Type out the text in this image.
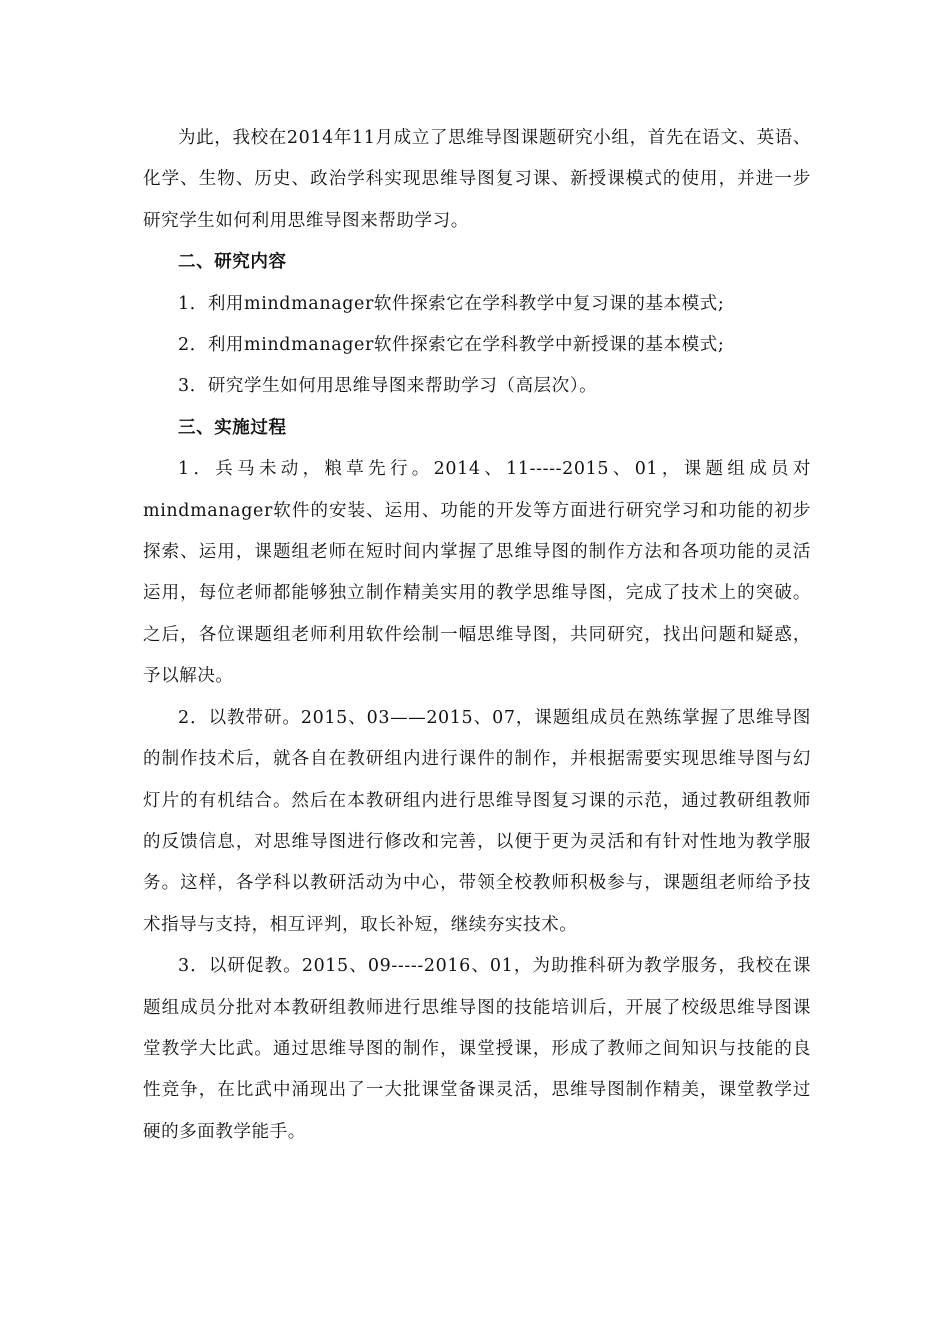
为此，我校在2014年11月成立了思维导图课题研究小组，首先在语文、英语、化学、生物、历史、政治学科实现思维导图复习课、新授课模式的使用，并进一步研究学生如何利用思维导图来帮助学习。

二、研究内容

1．利用mindmanager软件探索它在学科教学中复习课的基本模式;

2．利用mindmanager软件探索它在学科教学中新授课的基本模式;

3．研究学生如何用思维导图来帮助学习（高层次）。

三、实施过程

1．兵马未动，粮草先行。2014、11-----2015、01，课题组成员对mindmanager软件的安装、运用、功能的开发等方面进行研究学习和功能的初步探索、运用，课题组老师在短时间内掌握了思维导图的制作方法和各项功能的灵活运用，每位老师都能够独立制作精美实用的教学思维导图，完成了技术上的突破。之后，各位课题组老师利用软件绘制一幅思维导图，共同研究，找出问题和疑惑，予以解决。

2．以教带研。2015、03——2015、07，课题组成员在熟练掌握了思维导图的制作技术后，就各自在教研组内进行课件的制作，并根据需要实现思维导图与幻灯片的有机结合。然后在本教研组内进行思维导图复习课的示范，通过教研组教师的反馈信息，对思维导图进行修改和完善，以便于更为灵活和有针对性地为教学服务。这样，各学科以教研活动为中心，带领全校教师积极参与，课题组老师给予技术指导与支持，相互评判，取长补短，继续夯实技术。

3．以研促教。2015、09-----2016、01，为助推科研为教学服务，我校在课题组成员分批对本教研组教师进行思维导图的技能培训后，开展了校级思维导图课堂教学大比武。通过思维导图的制作，课堂授课，形成了教师之间知识与技能的良性竞争，在比武中涌现出了一大批课堂备课灵活，思维导图制作精美，课堂教学过硬的多面教学能手。
